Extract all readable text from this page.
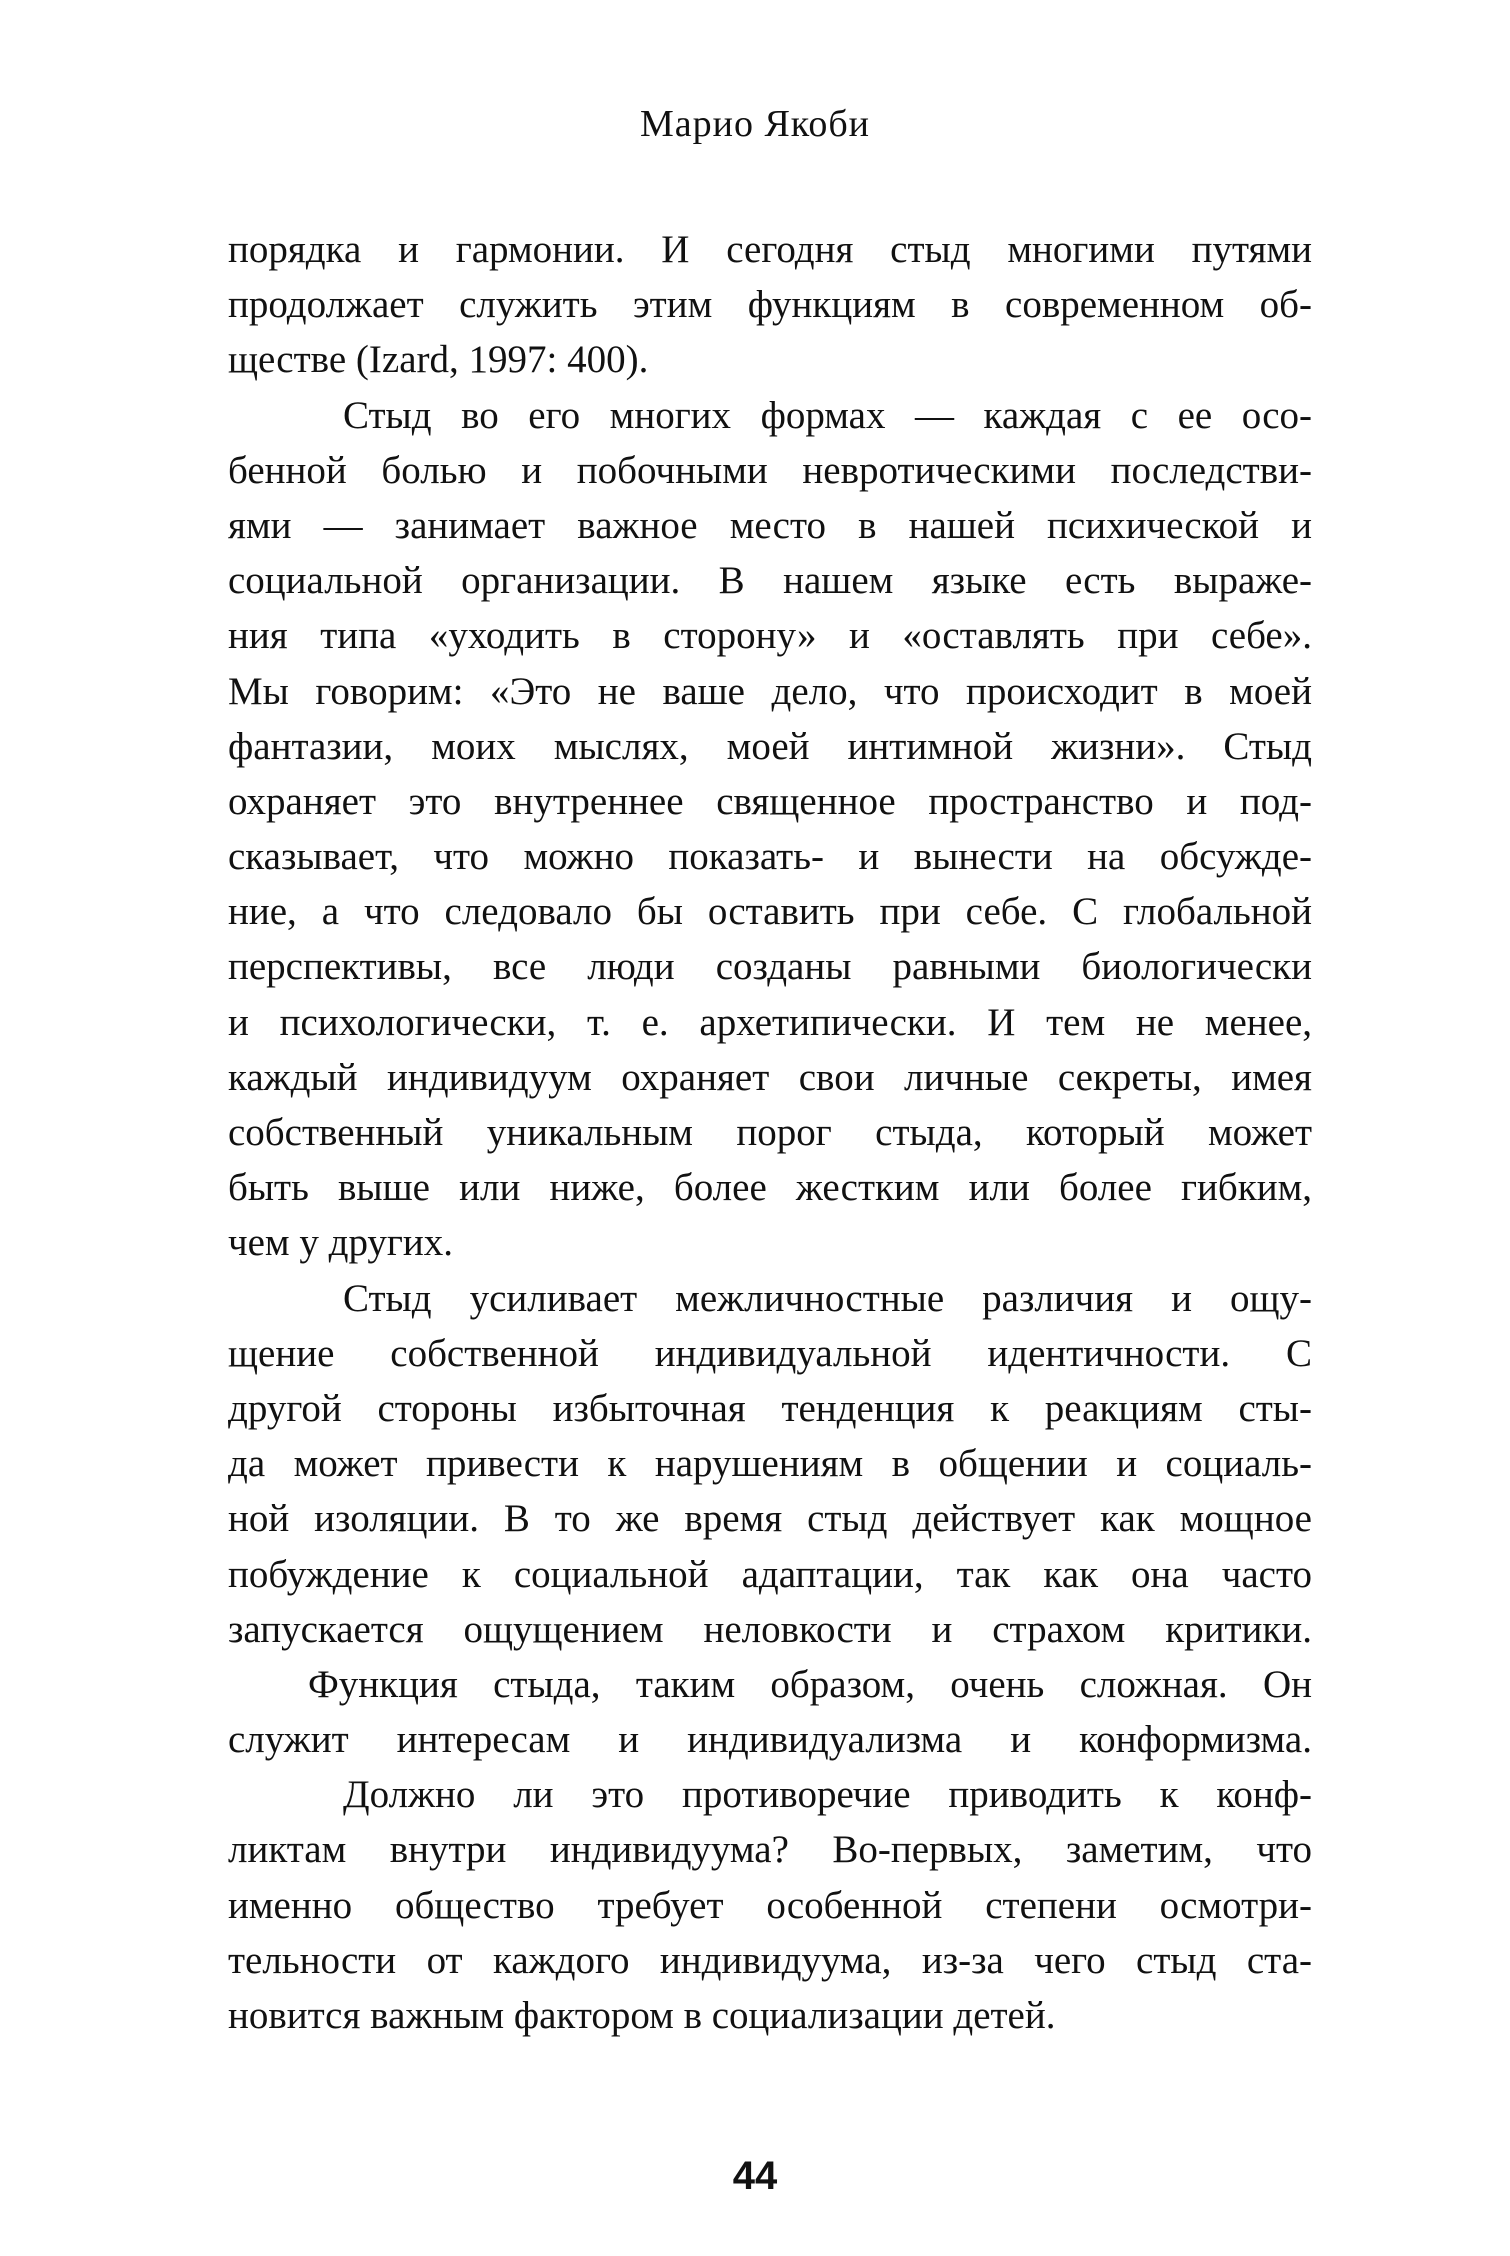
Марио Якоби
порядка и гармонии. И сегодня стыд многими путями
продолжает служить этим функциям в современном об-
ществе (Izard, 1997: 400).
Стыд во его многих формах — каждая с ее осо-
бенной болью и побочными невротическими последстви-
ями — занимает важное место в нашей психической и
социальной организации. В нашем языке есть выраже-
ния типа «уходить в сторону» и «оставлять при себе».
Мы говорим: «Это не ваше дело, что происходит в моей
фантазии, моих мыслях, моей интимной жизни». Стыд
охраняет это внутреннее священное пространство и под-
сказывает, что можно показать- и вынести на обсужде-
ние, а что следовало бы оставить при себе. С глобальной
перспективы, все люди созданы равными биологически
и психологически, т. е. архетипически. И тем не менее,
каждый индивидуум охраняет свои личные секреты, имея
собственный уникальным порог стыда, который может
быть выше или ниже, более жестким или более гибким,
чем у других.
Стыд усиливает межличностные различия и ощу-
щение собственной индивидуальной идентичности. С
другой стороны избыточная тенденция к реакциям сты-
да может привести к нарушениям в общении и социаль-
ной изоляции. В то же время стыд действует как мощное
побуждение к социальной адаптации, так как она часто
запускается ощущением неловкости и страхом критики.
Функция стыда, таким образом, очень сложная. Он
служит интересам и индивидуализма и конформизма.
Должно ли это противоречие приводить к конф-
ликтам внутри индивидуума? Во-первых, заметим, что
именно общество требует особенной степени осмотри-
тельности от каждого индивидуума, из-за чего стыд ста-
новится важным фактором в социализации детей.
44
